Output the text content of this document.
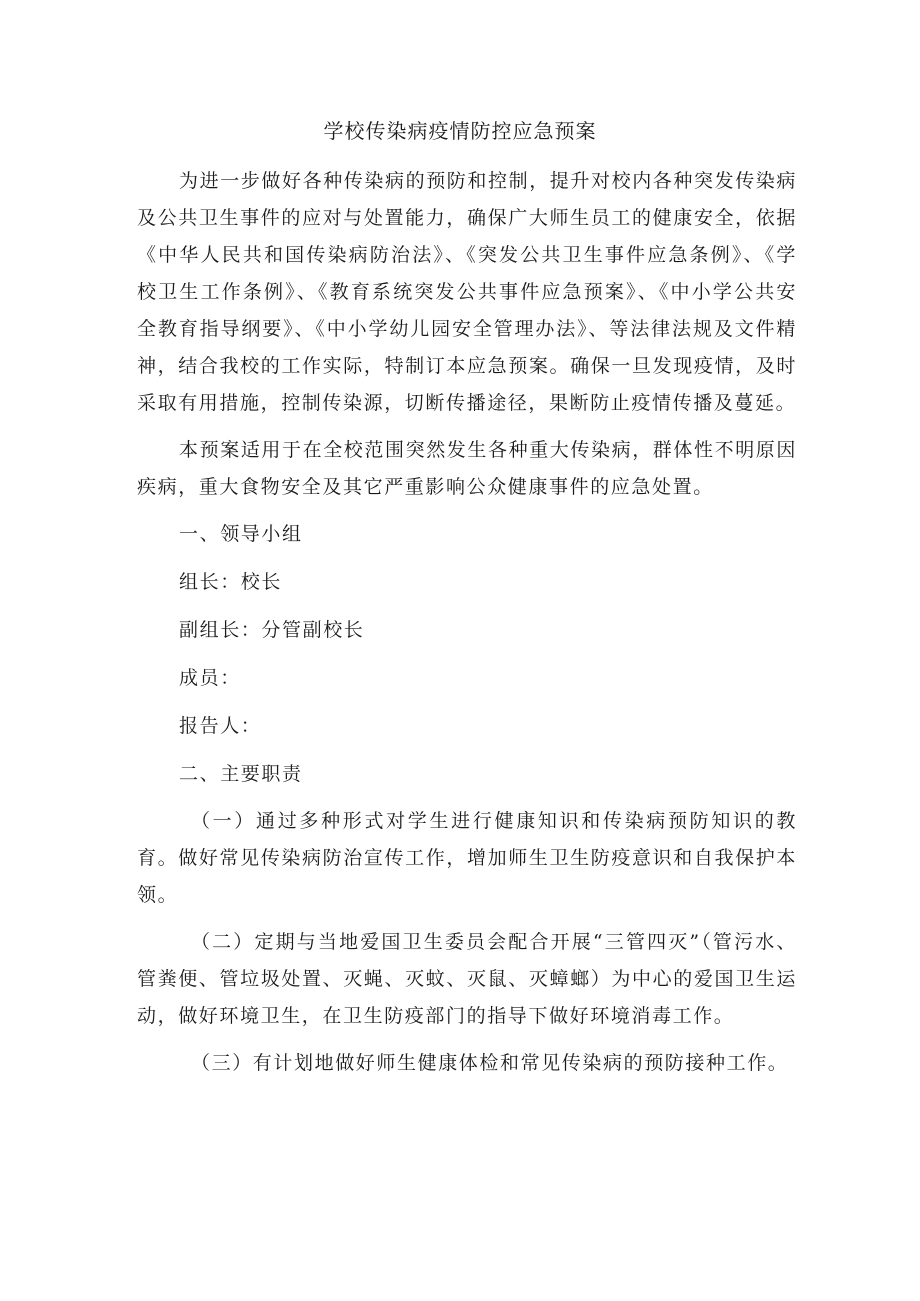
学校传染病疫情防控应急预案

为进一步做好各种传染病的预防和控制，提升对校内各种突发传染病及公共卫生事件的应对与处置能力，确保广大师生员工的健康安全，依据《中华人民共和国传染病防治法》、《突发公共卫生事件应急条例》、《学校卫生工作条例》、《教育系统突发公共事件应急预案》、《中小学公共安全教育指导纲要》、《中小学幼儿园安全管理办法》、等法律法规及文件精神，结合我校的工作实际，特制订本应急预案。确保一旦发现疫情，及时采取有用措施，控制传染源，切断传播途径，果断防止疫情传播及蔓延。

本预案适用于在全校范围突然发生各种重大传染病，群体性不明原因疾病，重大食物安全及其它严重影响公众健康事件的应急处置。

一、领导小组

组长：校长

副组长：分管副校长

成员：

报告人：

二、主要职责

（一）通过多种形式对学生进行健康知识和传染病预防知识的教育。做好常见传染病防治宣传工作，增加师生卫生防疫意识和自我保护本领。

（二）定期与当地爱国卫生委员会配合开展“三管四灭”（管污水、管粪便、管垃圾处置、灭蝇、灭蚊、灭鼠、灭蟑螂）为中心的爱国卫生运动，做好环境卫生，在卫生防疫部门的指导下做好环境消毒工作。

（三）有计划地做好师生健康体检和常见传染病的预防接种工作。
